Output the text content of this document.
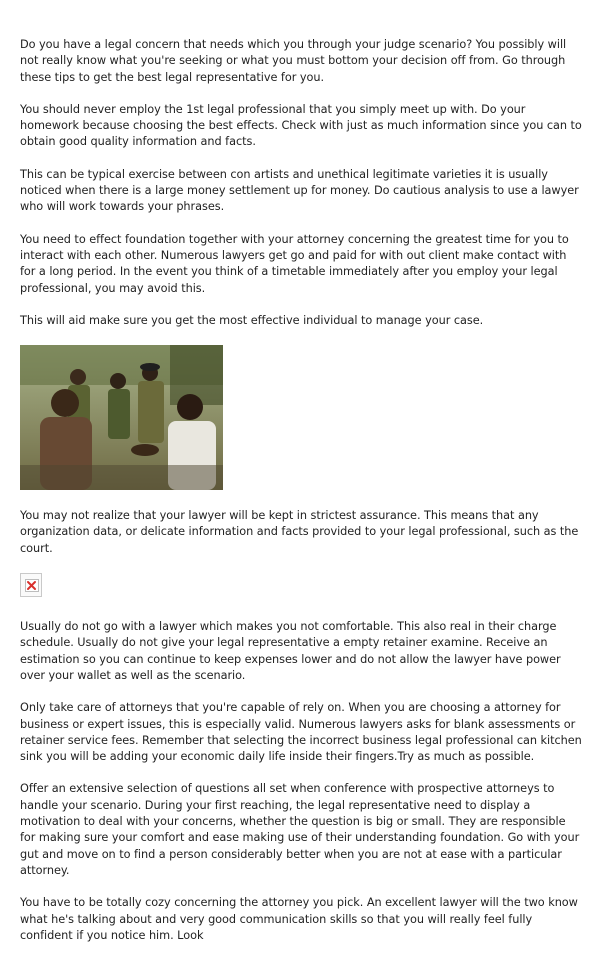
Do you have a legal concern that needs which you through your judge scenario? You possibly will not really know what you're seeking or what you must bottom your decision off from. Go through these tips to get the best legal representative for you.

You should never employ the 1st legal professional that you simply meet up with. Do your homework because choosing the best effects. Check with just as much information since you can to obtain good quality information and facts.

This can be typical exercise between con artists and unethical legitimate varieties it is usually noticed when there is a large money settlement up for money. Do cautious analysis to use a lawyer who will work towards your phrases.

You need to effect foundation together with your attorney concerning the greatest time for you to interact with each other. Numerous lawyers get go and paid for with out client make contact with for a long period. In the event you think of a timetable immediately after you employ your legal professional, you may avoid this.

This will aid make sure you get the most effective individual to manage your case.

You may not realize that your lawyer will be kept in strictest assurance. This means that any organization data, or delicate information and facts provided to your legal professional, such as the court.

Usually do not go with a lawyer which makes you not comfortable. This also real in their charge schedule. Usually do not give your legal representative a empty retainer examine. Receive an estimation so you can continue to keep expenses lower and do not allow the lawyer have power over your wallet as well as the scenario.

Only take care of attorneys that you're capable of rely on. When you are choosing a attorney for business or expert issues, this is especially valid. Numerous lawyers asks for blank assessments or retainer service fees. Remember that selecting the incorrect business legal professional can kitchen sink you will be adding your economic daily life inside their fingers.Try as much as possible.

Offer an extensive selection of questions all set when conference with prospective attorneys to handle your scenario. During your first reaching, the legal representative need to display a motivation to deal with your concerns, whether the question is big or small. They are responsible for making sure your comfort and ease making use of their understanding foundation. Go with your gut and move on to find a person considerably better when you are not at ease with a particular attorney.

You have to be totally cozy concerning the attorney you pick. An excellent lawyer will the two know what he's talking about and very good communication skills so that you will really feel fully confident if you notice him. Look
